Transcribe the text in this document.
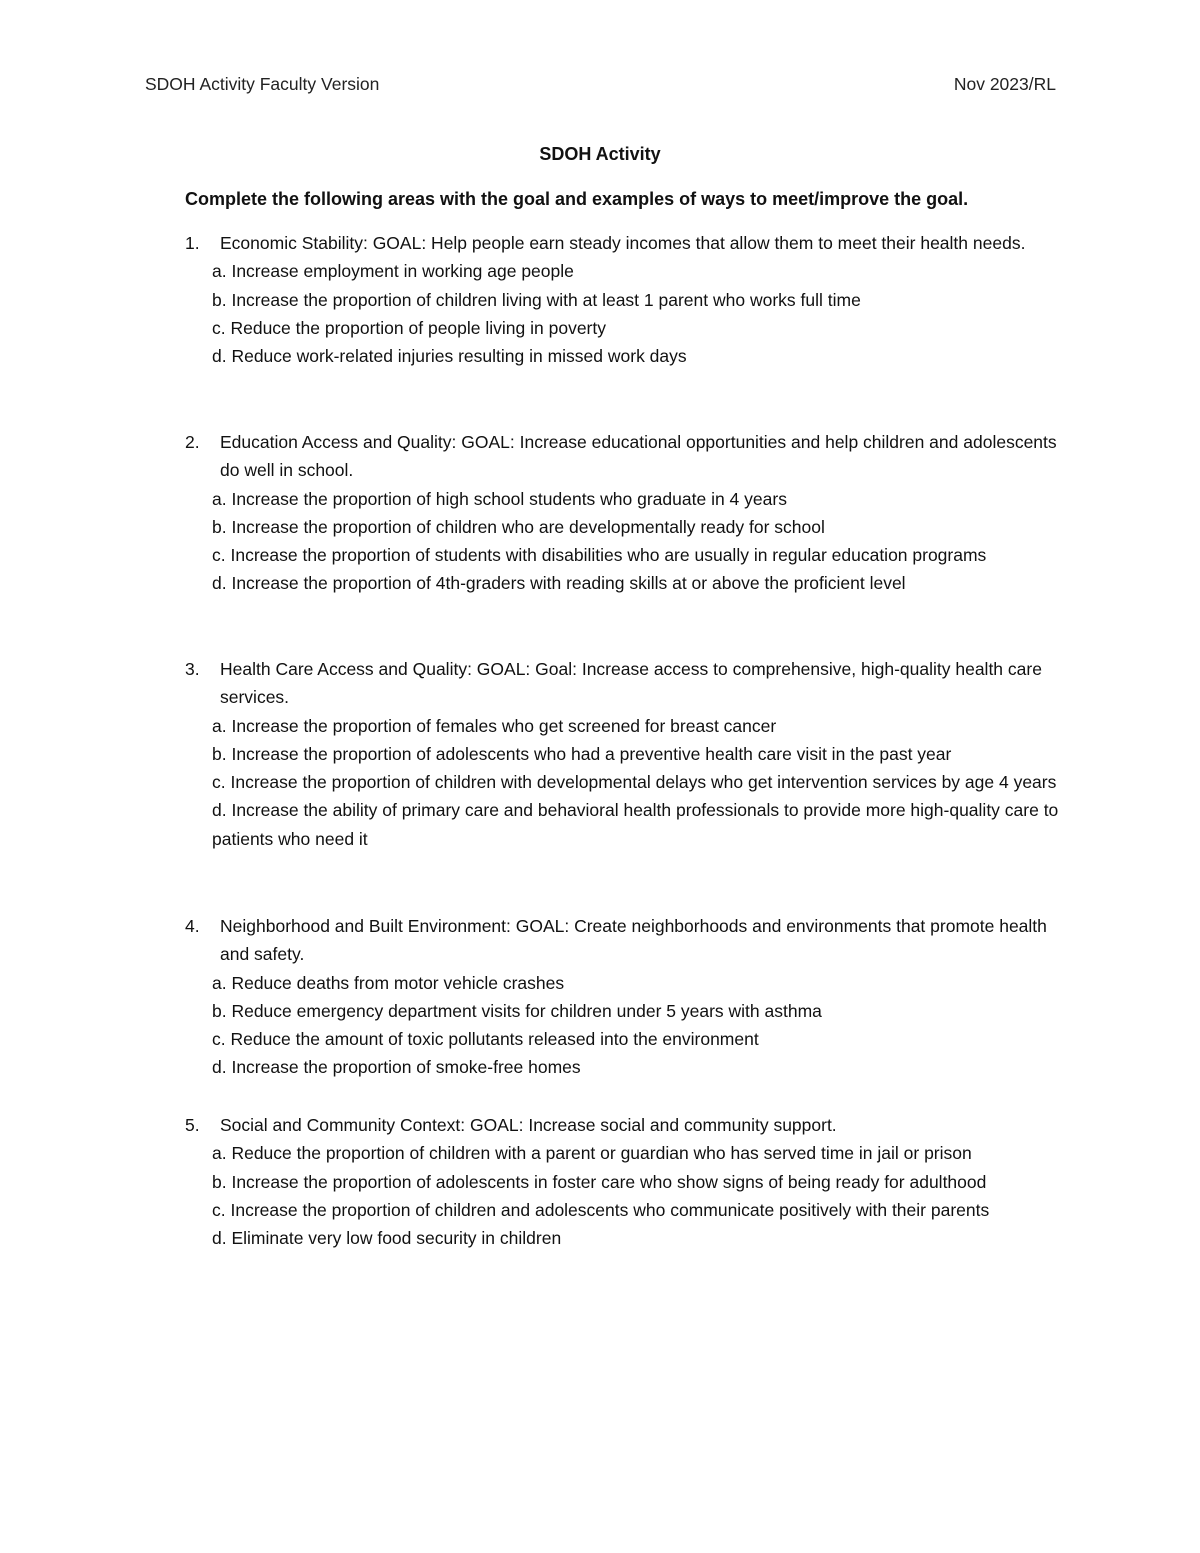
SDOH Activity Faculty Version	Nov 2023/RL
SDOH Activity
Complete the following areas with the goal and examples of ways to meet/improve the goal.
1. Economic Stability: GOAL: Help people earn steady incomes that allow them to meet their health needs.
a. Increase employment in working age people
b. Increase the proportion of children living with at least 1 parent who works full time
c. Reduce the proportion of people living in poverty
d. Reduce work-related injuries resulting in missed work days
2. Education Access and Quality: GOAL: Increase educational opportunities and help children and adolescents do well in school.
a. Increase the proportion of high school students who graduate in 4 years
b. Increase the proportion of children who are developmentally ready for school
c. Increase the proportion of students with disabilities who are usually in regular education programs
d. Increase the proportion of 4th-graders with reading skills at or above the proficient level
3. Health Care Access and Quality: GOAL: Goal: Increase access to comprehensive, high-quality health care services.
a. Increase the proportion of females who get screened for breast cancer
b. Increase the proportion of adolescents who had a preventive health care visit in the past year
c. Increase the proportion of children with developmental delays who get intervention services by age 4 years
d. Increase the ability of primary care and behavioral health professionals to provide more high-quality care to patients who need it
4. Neighborhood and Built Environment: GOAL: Create neighborhoods and environments that promote health and safety.
a. Reduce deaths from motor vehicle crashes
b. Reduce emergency department visits for children under 5 years with asthma
c. Reduce the amount of toxic pollutants released into the environment
d. Increase the proportion of smoke-free homes
5. Social and Community Context: GOAL: Increase social and community support.
a. Reduce the proportion of children with a parent or guardian who has served time in jail or prison
b. Increase the proportion of adolescents in foster care who show signs of being ready for adulthood
c. Increase the proportion of children and adolescents who communicate positively with their parents
d. Eliminate very low food security in children
